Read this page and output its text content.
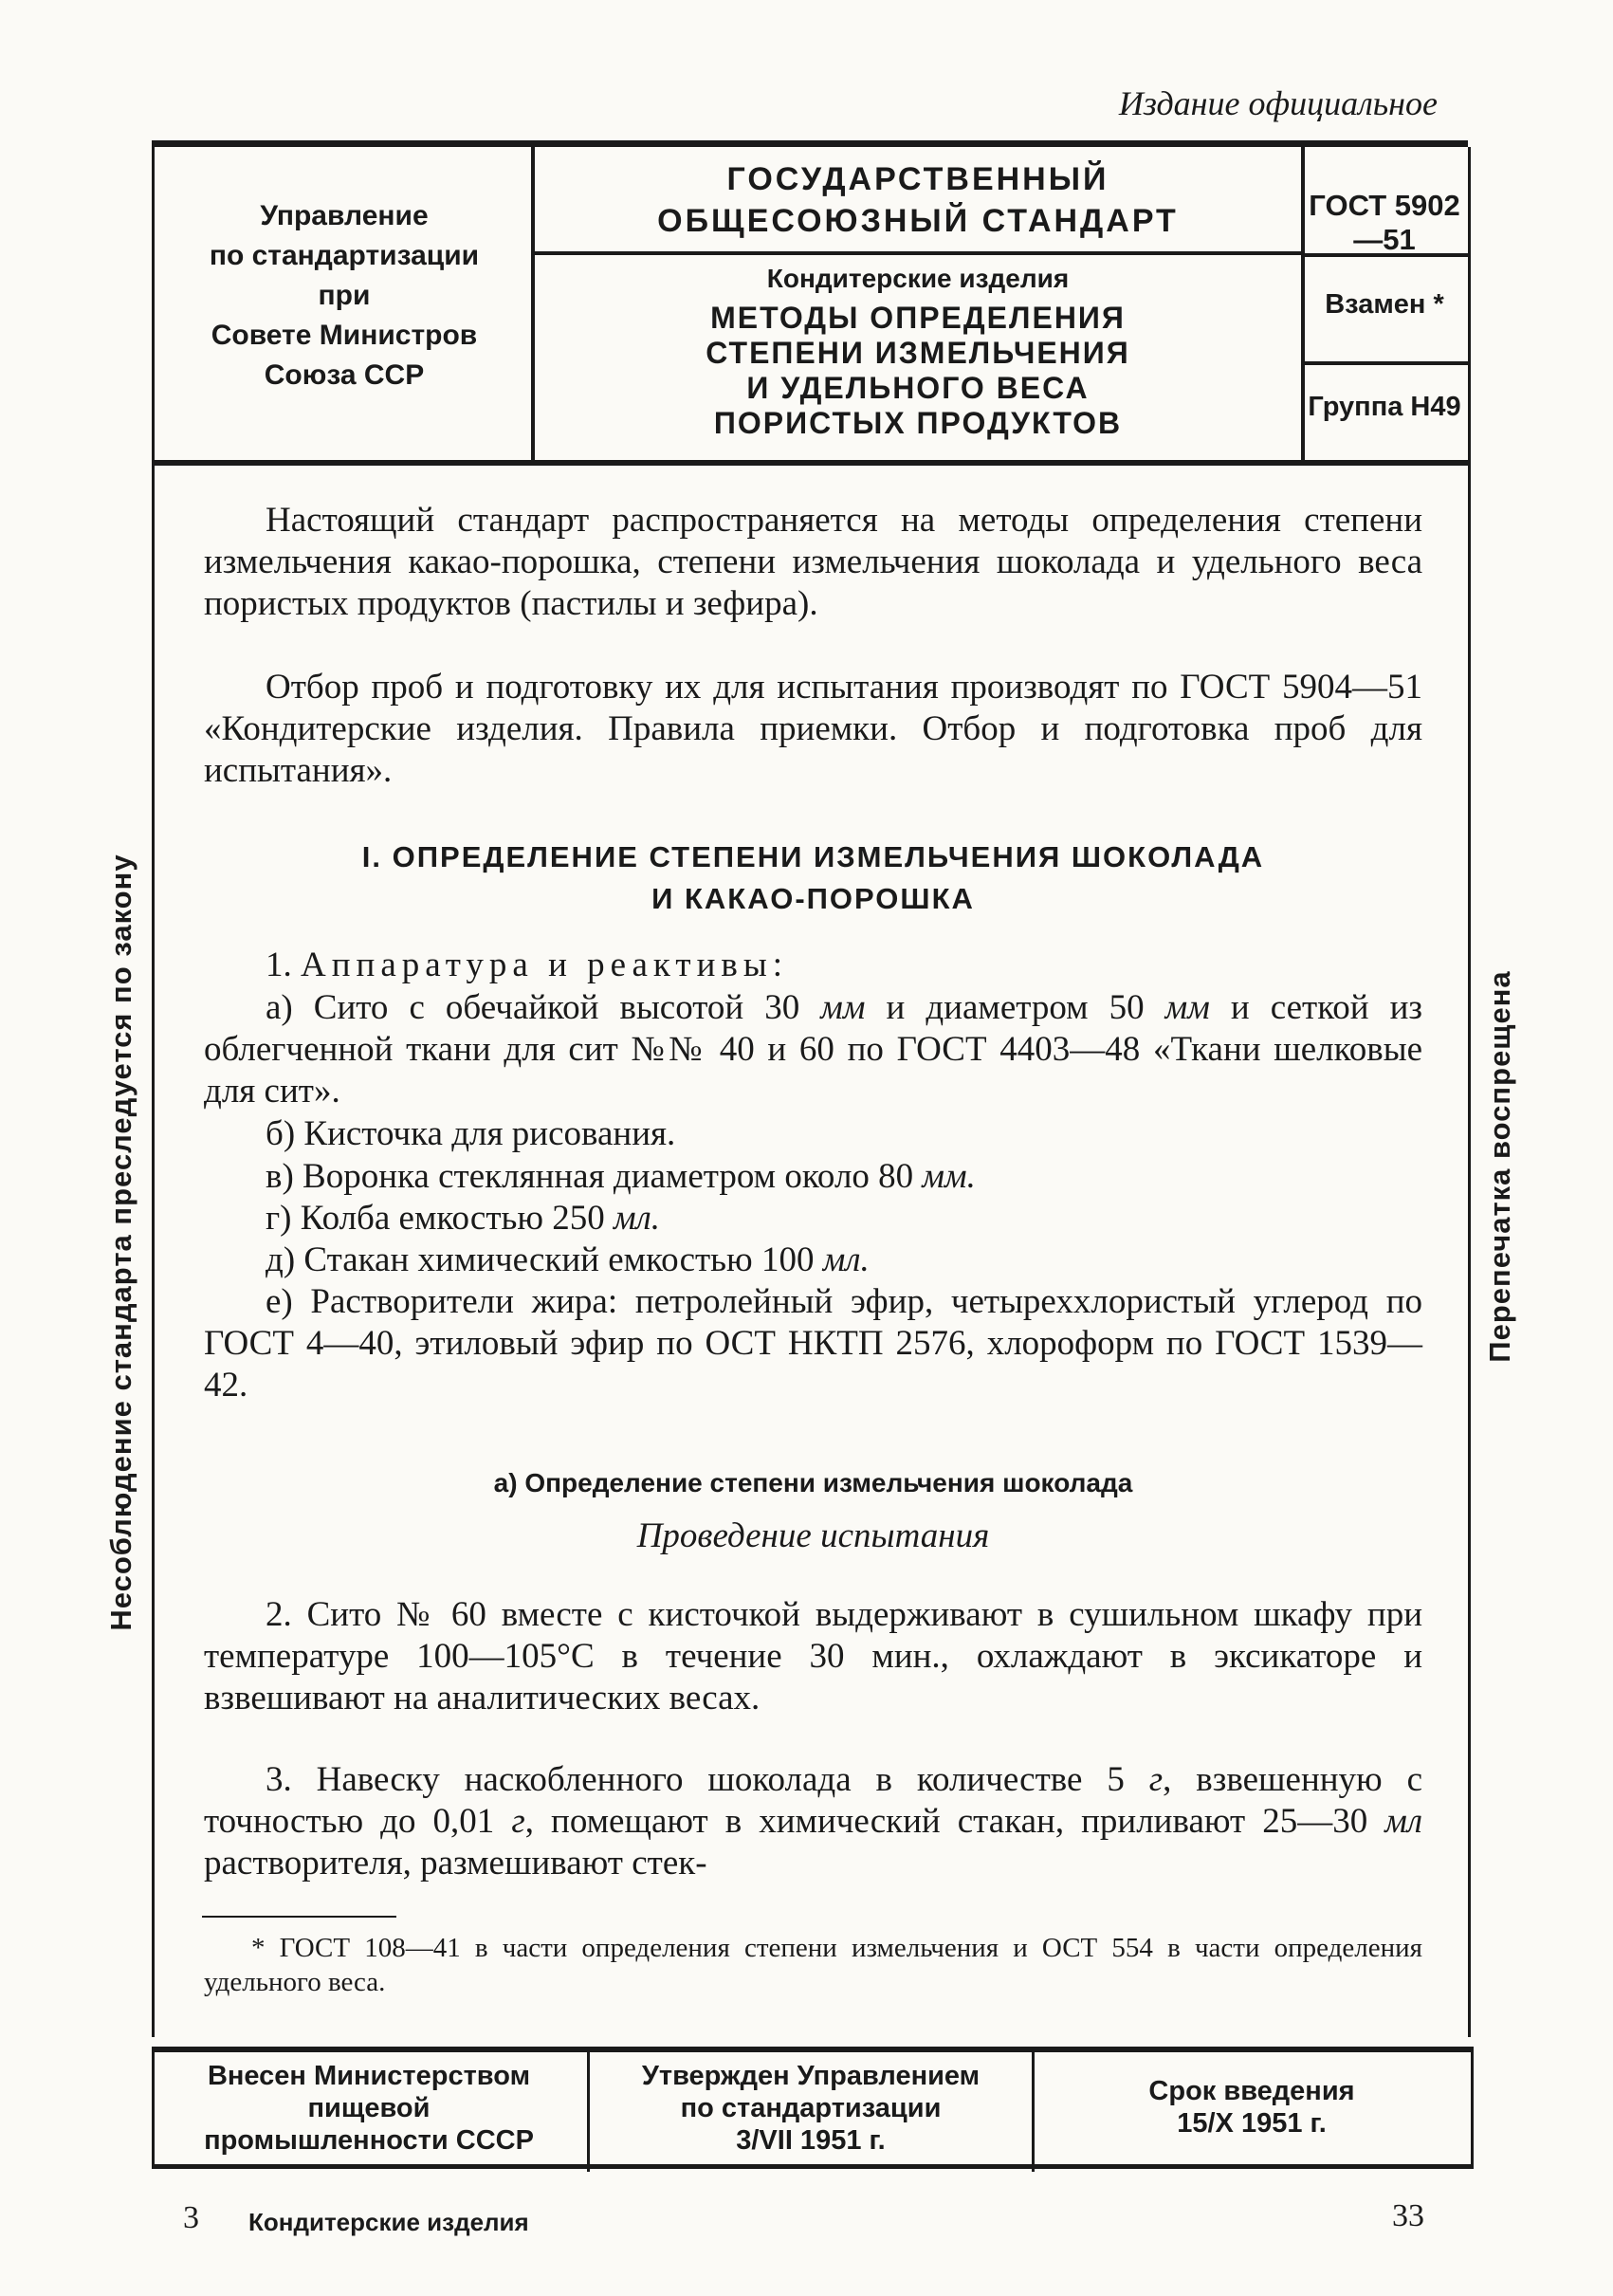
Издание официальное
Управление
по стандартизации
при
Совете Министров
Союза ССР
ГОСУДАРСТВЕННЫЙ
ОБЩЕСОЮЗНЫЙ СТАНДАРТ
Кондитерские изделия
МЕТОДЫ ОПРЕДЕЛЕНИЯ
СТЕПЕНИ ИЗМЕЛЬЧЕНИЯ
И УДЕЛЬНОГО ВЕСА
ПОРИСТЫХ ПРОДУКТОВ
ГОСТ 5902—51
Взамен *
Группа Н49
Несоблюдение стандарта преследуется по закону	Перепечатка воспрещена

Настоящий стандарт распространяется на методы определения степени измельчения какао-порошка, степени измельчения шоколада и удельного веса пористых продуктов (пастилы и зефира).

Отбор проб и подготовку их для испытания производят по ГОСТ 5904—51 «Кондитерские изделия. Правила приемки. Отбор и подготовка проб для испытания».

I. ОПРЕДЕЛЕНИЕ СТЕПЕНИ ИЗМЕЛЬЧЕНИЯ ШОКОЛАДА
И КАКАО-ПОРОШКА

1. Аппаратура и реактивы:

а) Сито с обечайкой высотой 30 мм и диаметром 50 мм и сеткой из облегченной ткани для сит №№ 40 и 60 по ГОСТ 4403—48 «Ткани шелковые для сит».

б) Кисточка для рисования.

в) Воронка стеклянная диаметром около 80 мм.

г) Колба емкостью 250 мл.

д) Стакан химический емкостью 100 мл.

е) Растворители жира: петролейный эфир, четыреххлористый углерод по ГОСТ 4—40, этиловый эфир по ОСТ НКТП 2576, хлороформ по ГОСТ 1539—42.

а) Определение степени измельчения шоколада
Проведение испытания

2. Сито № 60 вместе с кисточкой выдерживают в сушильном шкафу при температуре 100—105°С в течение 30 мин., охлаждают в эксикаторе и взвешивают на аналитических весах.

3. Навеску наскобленного шоколада в количестве 5 г, взвешенную с точностью до 0,01 г, помещают в химический стакан, приливают 25—30 мл растворителя, размешивают стек-

* ГОСТ 108—41 в части определения степени измельчения и ОСТ 554 в части определения удельного веса.
Внесен Министерством
пищевой
промышленности СССР
Утвержден Управлением
по стандартизации
3/VII 1951 г.
Срок введения
15/X 1951 г.
3 Кондитерские изделия	33
